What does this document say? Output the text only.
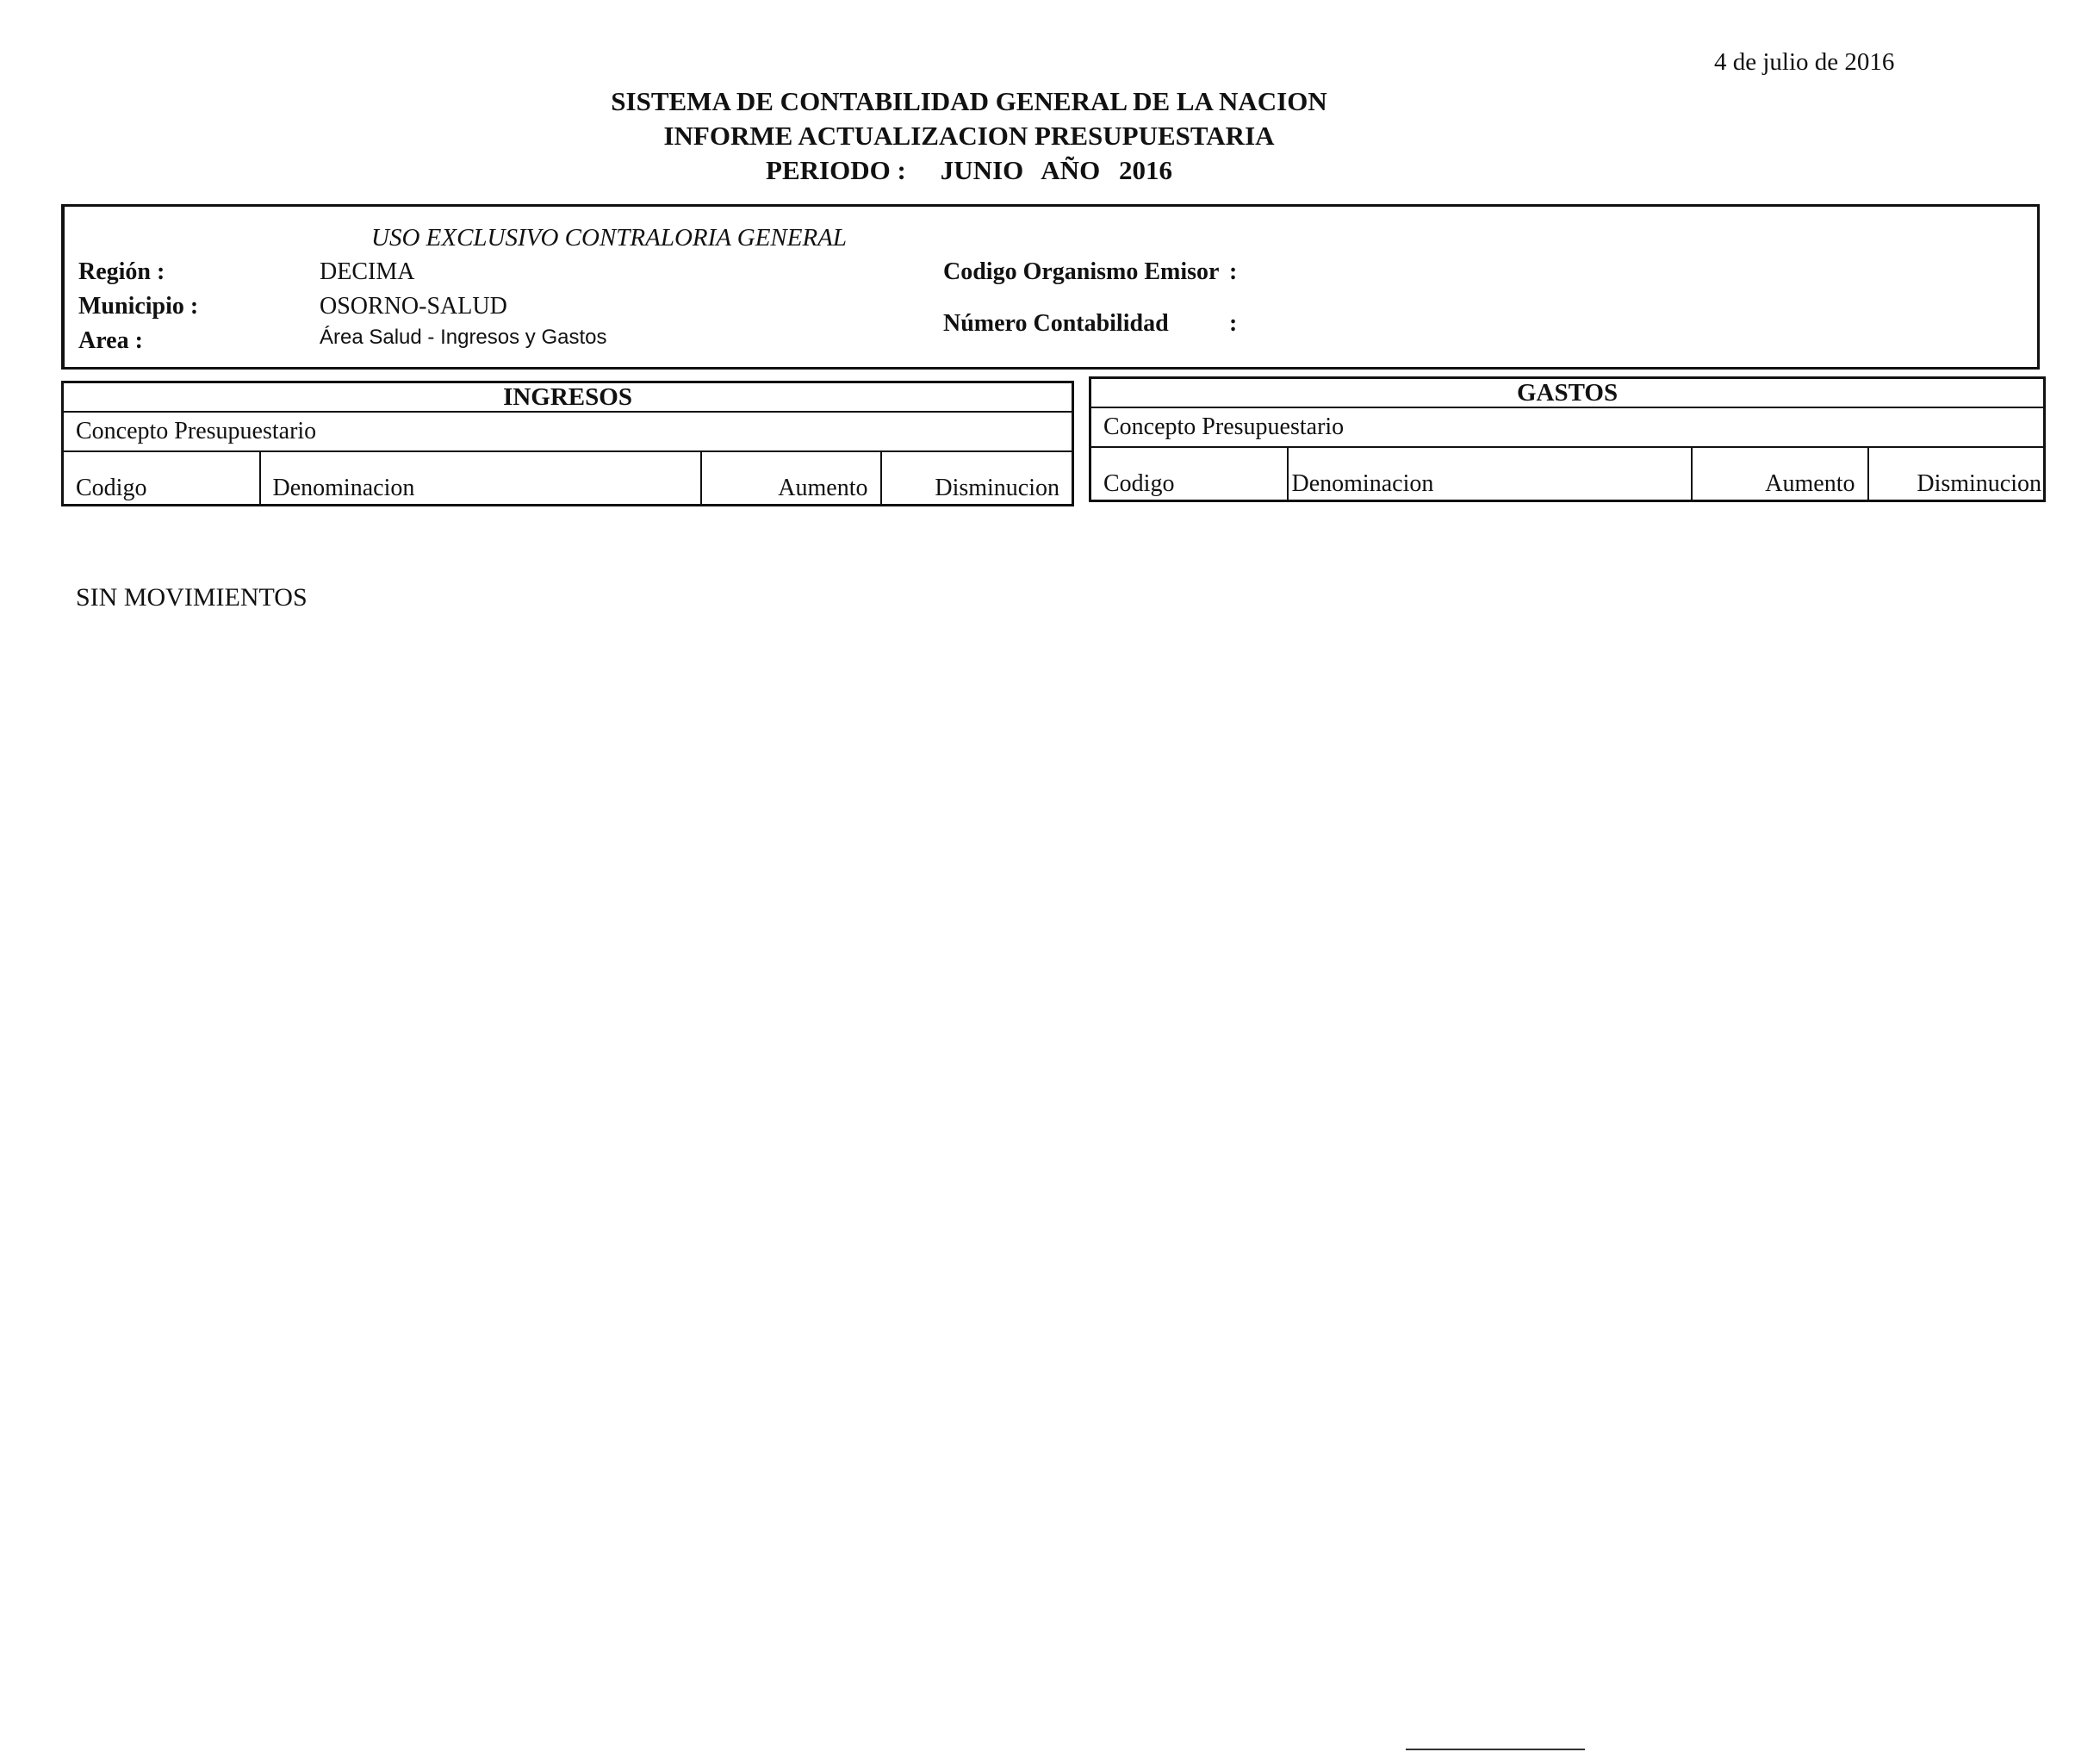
4 de julio de 2016
SISTEMA DE CONTABILIDAD GENERAL DE LA NACION
INFORME ACTUALIZACION PRESUPUESTARIA
PERIODO : JUNIO AÑO 2016
USO EXCLUSIVO CONTRALORIA GENERAL
Región :	DECIMA
Municipio :	OSORNO-SALUD
Area :	Área Salud - Ingresos y Gastos
Codigo Organismo Emisor :
Número Contabilidad	:
INGRESOS
Concepto Presupuestario
Codigo	Denominacion	Aumento	Disminucion
GASTOS
Concepto Presupuestario
Codigo	Denominacion	Aumento	Disminucion
SIN MOVIMIENTOS
